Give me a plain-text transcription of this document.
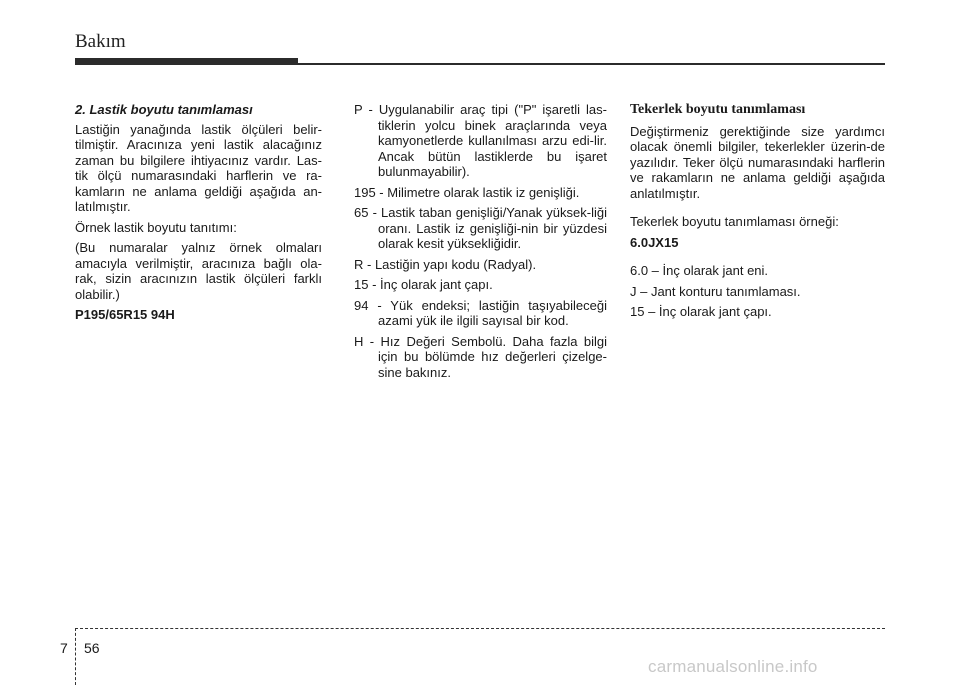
Bakım

2. Lastik boyutu tanımlaması

Lastiğin yanağında lastik ölçüleri belir-tilmiştir. Aracınıza yeni lastik alacağınız zaman bu bilgilere ihtiyacınız vardır. Las-tik ölçü numarasındaki harflerin ve ra-kamların ne anlama geldiği aşağıda an-latılmıştır.

Örnek lastik boyutu tanıtımı:

(Bu numaralar yalnız örnek olmaları amacıyla verilmiştir, aracınıza bağlı ola-rak, sizin aracınızın lastik ölçüleri farklı olabilir.)

P195/65R15 94H

P - Uygulanabilir araç tipi ("P" işaretli las-tiklerin yolcu binek araçlarında veya kamyonetlerde kullanılması arzu edi-lir. Ancak bütün lastiklerde bu işaret bulunmayabilir).

195 - Milimetre olarak lastik iz genişliği.

65 - Lastik taban genişliği/Yanak yüksek-liği oranı. Lastik iz genişliği-nin bir yüzdesi olarak kesit yüksekliğidir.

R - Lastiğin yapı kodu (Radyal).

15 - İnç olarak jant çapı.

94 - Yük endeksi; lastiğin taşıyabileceği azami yük ile ilgili sayısal bir kod.

H - Hız Değeri Sembolü. Daha fazla bilgi için bu bölümde hız değerleri çizelge-sine bakınız.

Tekerlek boyutu tanımlaması

Değiştirmeniz gerektiğinde size yardımcı olacak önemli bilgiler, tekerlekler üzerin-de yazılıdır. Teker ölçü numarasındaki harflerin ve rakamların ne anlama geldiği aşağıda anlatılmıştır.

Tekerlek boyutu tanımlaması örneği:

6.0JX15

6.0 – İnç olarak jant eni.

J – Jant konturu tanımlaması.

15 – İnç olarak jant çapı.

7 56
carmanualsonline.info
